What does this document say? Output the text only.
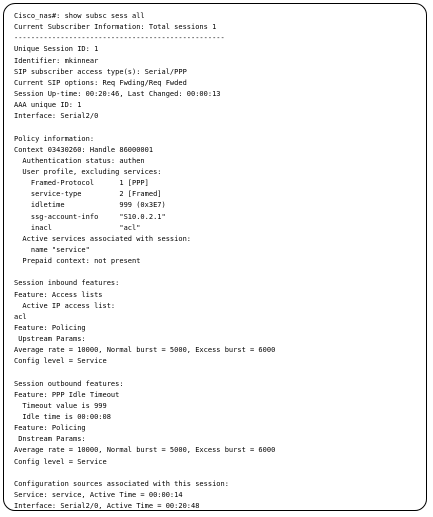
Cisco_nas#: show subsc sess all
Current Subscriber Information: Total sessions 1
--------------------------------------------------
Unique Session ID: 1
Identifier: mkinnear
SIP subscriber access type(s): Serial/PPP
Current SIP options: Req Fwding/Req Fwded
Session Up-time: 00:20:46, Last Changed: 00:00:13
AAA unique ID: 1
Interface: Serial2/0
Policy information:
Context 03430260: Handle 86000001
Authentication status: authen
User profile, excluding services:
Framed-Protocol      1 [PPP]
service-type         2 [Framed]
idletime             999 (0x3E7)
ssg-account-info     "S10.0.2.1"
inacl                "acl"
Active services associated with session:
name "service"
Prepaid context: not present
Session inbound features:
Feature: Access lists
Active IP access list:
acl
Feature: Policing
Upstream Params:
Average rate = 10000, Normal burst = 5000, Excess burst = 6000
Config level = Service
Session outbound features:
Feature: PPP Idle Timeout
Timeout value is 999
Idle time is 00:00:08
Feature: Policing
Dnstream Params:
Average rate = 10000, Normal burst = 5000, Excess burst = 6000
Config level = Service
Configuration sources associated with this session:
Service: service, Active Time = 00:00:14
Interface: Serial2/0, Active Time = 00:20:48
